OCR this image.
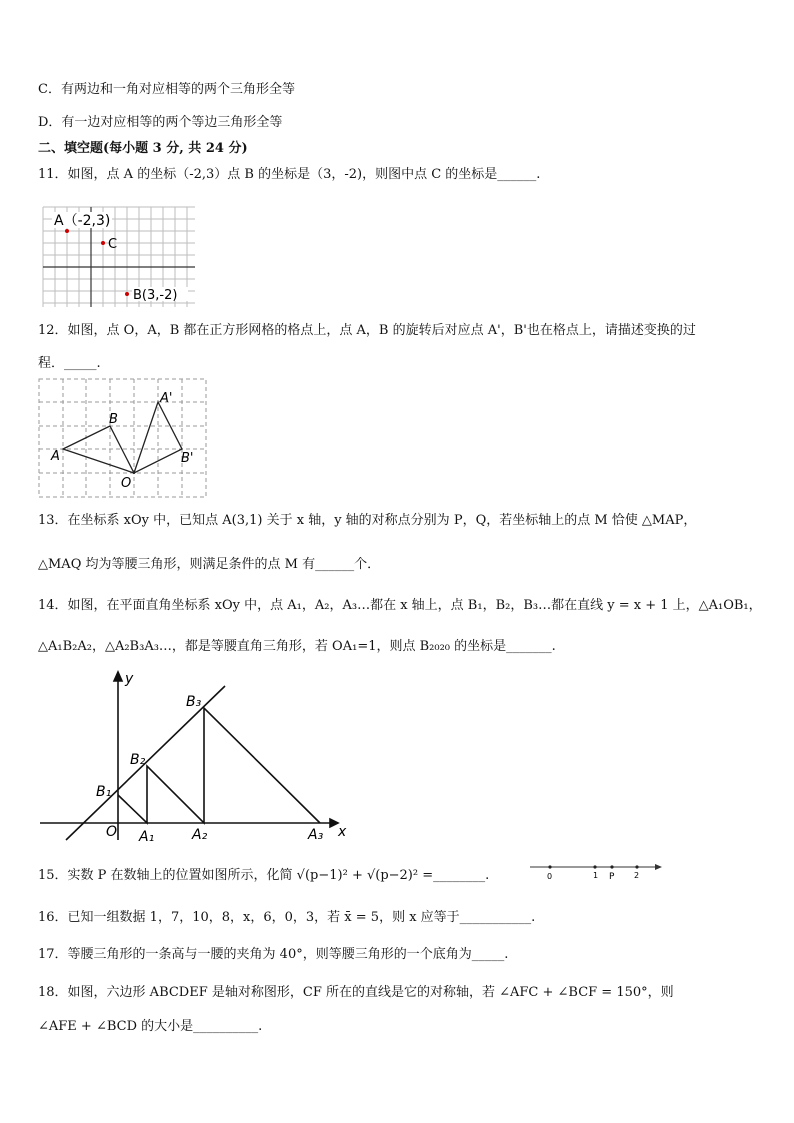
C．有两边和一角对应相等的两个三角形全等
D．有一边对应相等的两个等边三角形全等
二、填空题(每小题 3 分, 共 24 分)
11．如图，点 A 的坐标（-2,3）点 B 的坐标是（3，-2)，则图中点 C 的坐标是______.
A（-2,3)
C
B(3,-2)
12．如图，点 O，A，B 都在正方形网格的格点上，点 A，B 的旋转后对应点 A'，B'也在格点上，请描述变换的过
程．_____.
A
B
O
A'
B'
13．在坐标系 xOy 中，已知点 A(3,1) 关于 x 轴，y 轴的对称点分别为 P，Q，若坐标轴上的点 M 恰使 △MAP，
△MAQ 均为等腰三角形，则满足条件的点 M 有______个．
14．如图，在平面直角坐标系 xOy 中，点 A₁，A₂，A₃…都在 x 轴上，点 B₁，B₂，B₃…都在直线 y = x + 1 上，△A₁OB₁，
△A₁B₂A₂，△A₂B₃A₃…，都是等腰直角三角形，若 OA₁=1，则点 B₂₀₂₀ 的坐标是_______.
y
x
O
B₁
B₂
B₃
A₁	A₂	A₃
15．实数 P 在数轴上的位置如图所示，化简 √(p−1)² + √(p−2)² =________.	0	1 P 2
16．已知一组数据 1，7，10，8，x，6，0，3，若 x̄ = 5，则 x 应等于___________.
17．等腰三角形的一条高与一腰的夹角为 40°，则等腰三角形的一个底角为_____.
18．如图，六边形 ABCDEF 是轴对称图形，CF 所在的直线是它的对称轴，若 ∠AFC + ∠BCF = 150°，则
∠AFE + ∠BCD 的大小是__________.
